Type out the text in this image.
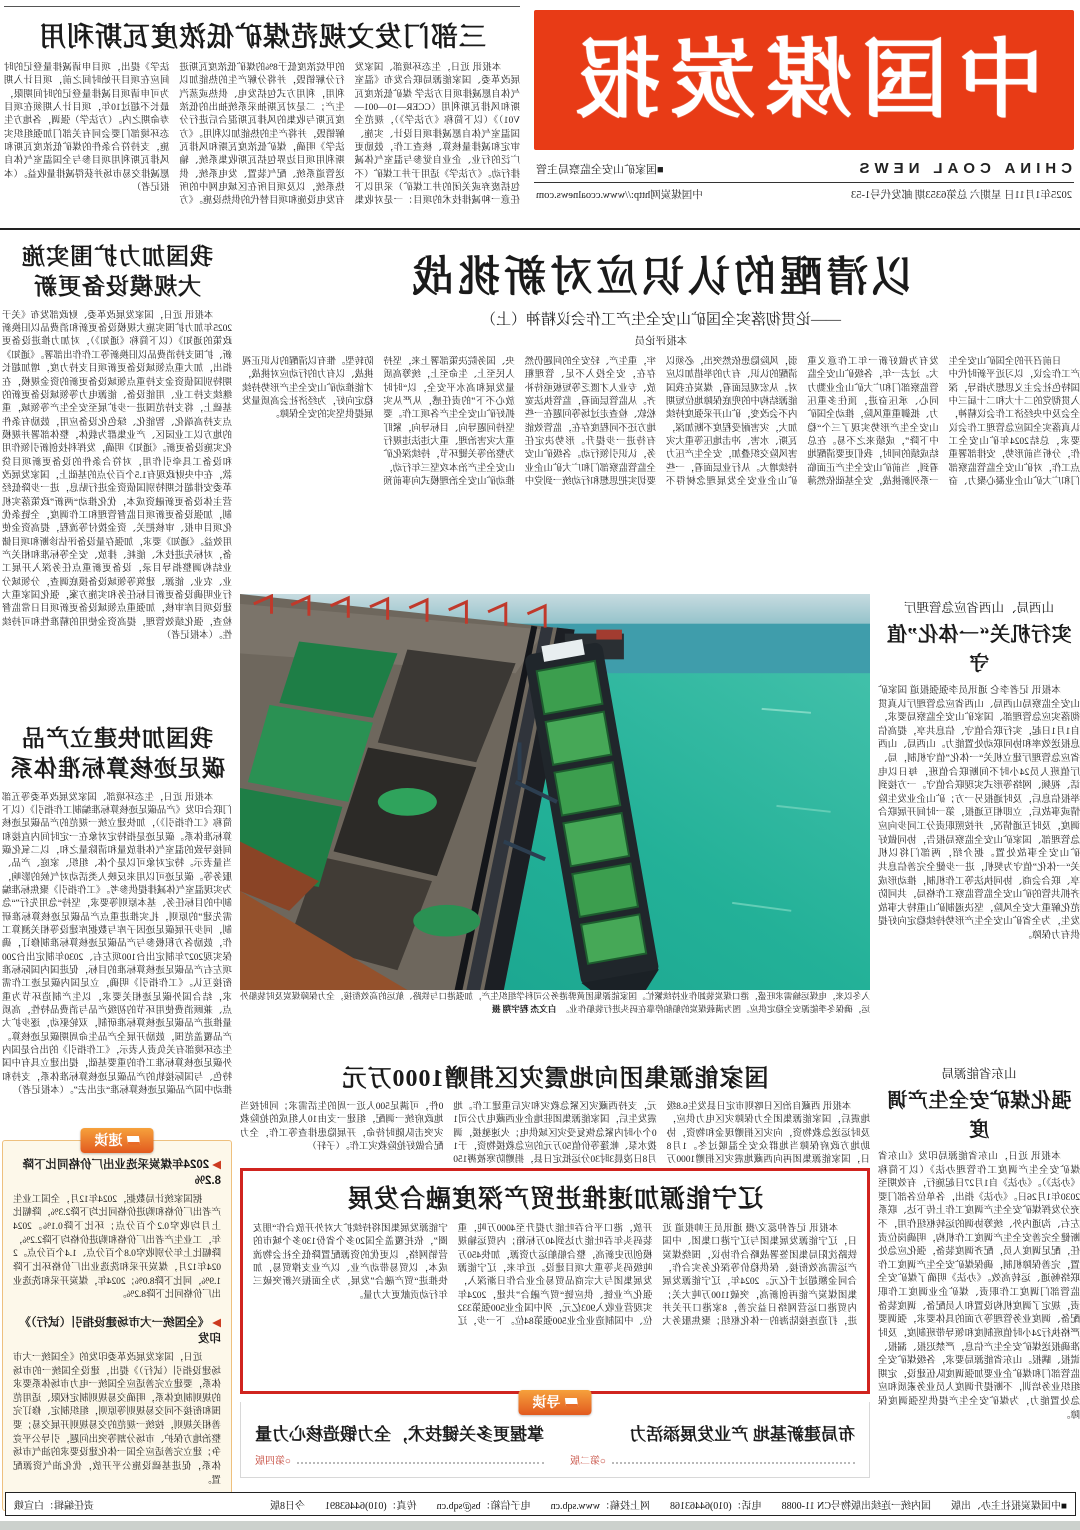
中国煤炭报
CHINA COAL NEWS
■国家矿山安全监察局主管
2025年1月11日 星期六 总第6353期 邮发代号1-53
中国煤炭网http://www.ccoalnews.com
三部门发文规范煤矿低浓度瓦斯利用

本报讯 近日，生态环境部、国家发展改革委、国家能源局联合发布《温室气体自愿减排项目方法学 煤矿低浓度瓦斯和风排瓦斯利用（CCER—10—001—V01）》（以下简称《方法学》），规范全国温室气体自愿减排项目设计、实施、审定和减排量核算、核查工作，鼓励更广泛的行业、企业自觉参与温室气体减排行动。《方法学》适用于井工煤矿（不包括废弃或关闭的井工煤矿）采用以下任意一种减排技术的项目：一是对收集的甲烷浓度低于8%的煤矿低浓度瓦斯进行分解销毁，并将分解产生的热能加以利用，利用方式包括发电、供热或蒸汽生产；二是对瓦斯抽采系统抽出的低浓度瓦斯与收集的风排瓦斯混合后进行分解销毁，并将产生的热能加以利用。《方法学》明确，煤矿低浓度瓦斯和风排瓦斯利用项目边界包括瓦斯收集系统、输送管道系统、配气装置、发电系统、供热系统，以及项目所在区域电网中的所有发电设施和项目替代的供热设施。《方法学》提出，项目申请减排量登记的时间应在项目开始时间之前，项目计入期为可申请项目减排量登记的时间期限，最长不超过10年，项目计入期须在项目寿命期之内。（方法学）强调，各地方生态环境部门要会同有关部门加强组织实施，支持符合条件的煤矿低浓度瓦斯和风排瓦斯利用项目参与全国温室气体自愿减排交易市场并获得减排量收益。（本报记者）

以清醒的认识应对新挑战
——论贯彻落实全国矿山安全生产工作会议精神（上）
本报评论员

日前召开的全国矿山安全生产工作会议，以习近平新时代中国特色社会主义思想为指导，深入贯彻党的二十大和二十届三中全会及中央经济工作会议精神，认真落实全国应急管理工作会议要求，总结2024年矿山安全工作，分析当前形势，安排部署重点工作，对矿山安全监管监察部门和广大矿山企业凝心聚力、奋发有为做好新一年工作意义重大。过去一年，各级矿山安全监管监察部门和广大矿山企业勠力同心、承压奋进，顶住多重压力、抵御重重风险，推动全国矿山安全生产形势实现了三个“稳中下降”，成绩来之不易。在总结成绩的同时，我们更要清醒地看到，当前矿山安全生产正面临一系列新挑战，安全基础依然薄弱，风险隐患依然突出，必须以清醒的认识、有力的举措加以应对。从宏观层面看，煤炭在我国能源结构中的兜底保障地位短期内不会改变，矿山开采强度持续加大，灾害耐受程度不断加深，瓦斯、水害、冲击地压等重大灾害风险交织叠加，安全生产压力持续增大。从行业层面看，一些矿山企业安全发展理念树得不牢，重生产、轻安全的问题仍然存在，安全投入不足、管理粗放、专业人才匮乏等短板亟待补齐。从监管层面看，监管执法宽松软、检查走过场等问题在一些地方还不同程度存在，监管效能有待进一步提升。形势决定任务，认识引领行动。各级矿山安全监管监察部门和广大矿山企业要切实把思想和行动统一到党中央、国务院决策部署上来，坚持人民至上、生命至上，统筹高质量发展和高水平安全，以“时时放心不下”的责任感，从严从实抓好矿山安全生产各项工作。要坚持问题导向、目标导向，紧盯重大灾害治理、重大违法违规行为整治等关键环节，持续深化矿山安全生产治本攻坚三年行动，推动矿山安全治理模式向事前预防转型。惟有以清醒的认识正视挑战、以有力的行动应对挑战，才能推动矿山安全生产形势持续稳定向好，为经济社会高质量发展提供坚实的安全保障。

我国加力扩围实施
大规模设备更新

本报讯 近日，国家发展改革委、财政部发布《关于2025年加力扩围实施大规模设备更新和消费品以旧换新政策的通知》（以下简称《通知》），对加力推进设备更新、扩围支持消费品以旧换新等工作作出部署。《通知》指出，加大重点领域设备更新项目支持力度，增加超长期特别国债资金支持重点领域设备更新的资金规模，在继续支持工业、用能设备、能源电力等领域设备更新的基础上，将支持范围进一步扩展至安全生产等领域，重点支持高端化、智能化、绿色化设备应用，鼓励有条件的地方以工业园区、产业集群为载体，整体部署并规模化实施设备更新。《通知》明确，发挥科技创新引领作用和设备工具牵引作用，对符合条件的设备更新项目贷款，在中央财政现有1.5个百分点的基础上，国家发展改革委安排超长期特别国债资金进行贴息，进一步降低经营主体设备更新融资成本，优化推动“两新”政策落实机制，加强设备更新项目监督管理和工作调度，全链条优化项目申报、审核把关、资金拨付等流程，提高资金使用效益。《通知》要求，加强存量设备评估诊断和项目储备，对标先进技术、能耗、排放、安全等标准和相关产业结构调整指导目录，设备更新重点任务深入开展工业、农业、能源、建筑等领域设备摸底调查，分领域分行业明确设备更新目标任务和实施方案，强化国家重大建设项目库审核，加强重点领域设备更新项目日常监督检查，强化绩效管理，提高资金使用的精准性和可持续性。（本报记者）

我国加快建立产品
碳足迹核算标准体系

本报讯 近日，生态环境部、国家发展改革委等五部门联合印发《产品碳足迹核算标准编制工作指引》（以下简称《工作指引》），加快建立统一规范的产品碳足迹核算标准体系。碳足迹是指特定对象在一定时间内直接和间接导致的温室气体排放量和清除量之和，以二氧化碳当量表示。特定对象可以是个体、组织、家庭、产品、服务等。碳足迹可以用来反映人类活动对气候的影响，为实现温室气体减排提供参考。《工作指引》聚焦标准编制中的目标任务、基本原则等要求，坚持“急用先行”“急需先建”的原则，扎实推进重点产品碳足迹核算标准研制，同步开展碳足迹因子库与数据库建设等相关测算工作，鼓励各方积极参与产品碳足迹核算标准制修订，确保实现2027年制定出台100项左右、2030年制定出台200项左右产品碳足迹核算标准的目标，促进国内国际标准衔接互认。《工作指引》明确，立足国内碳足迹工作需求，结合国外碳足迹相关要求，以生产制造环节为重点、兼顾消费使用环节的初级产品与消费品特性，高质量推进产品碳足迹核算标准研制，双轮驱动，逐步扩大产品覆盖范围，鼓励开展全产品生命周期碳足迹核算。生态环境部有关负责人表示，《工作指引》的出台是国内外碳足迹核算标准工作的重要基础，提出建立具有中国特色、与国际接轨的产品碳足迹核算标准体系，支持和推动中国产品碳足迹核算标准“走出去”。（本报记者）

速读
▶2024年煤炭采选业出厂价格同比下降8.2%

据国家统计局数据，2024年12月，全国工业生产者出厂价格和购进价格同比均下降2.3%，降幅比上月均收窄0.2个百分点；环比下降0.1%。2024年，工业生产者出厂价格和购进价格均下降2.2%，降幅比上年分别收窄0.8个百分点、1.4个百分点。2024年12月，煤炭开采和洗选业出厂价格环比下降1.9%，同比下降8.0%；2024年，煤炭开采和洗选业出厂价格同比下降8.2%。

▶《全国统一大市场建设指引（试行）》印发

近日，国家发展改革委印发的《全国统一大市场建设指引（试行）》提出，建设全国统一的市场体系，要建立完善适应全国统一电力市场体系要求的规则制度体系，明确交易规则制定权限、适用范围和衔接不同交易规则等原则，组织制定、修订完善相关规则，按统一规范的交易规则开展交易；要整治地方保护、市场分割等突出问题，引导公平竞争；建立完善适应全国一体化建设要求的油气市场体系，促进基础设施公平开放，优化油气资源配置。

山西局、山西省应急管理厅
实行机关“一体化”值守

本报讯 记者李仑 通讯员李强强报道 国家矿山安全监察局山西局、山西省应急管理厅认真贯彻落实应急管理部、国家矿山安全监察局要求，自1月1日起，实行联合值守、信息共享，提高信息报送效率和协同联动处置能力。山西局、山西省应急管理厅建立机关“一体化”值守机制，局、厅值班人员24小时不间断联合值班，每日以电话、视频、网络等形式实现联合值守。一方接到举报信息后，及时通报另一方；矿山企业发生险情或事故后，立即相互通报，第一时间开展联合调度，及时互通情况，并按照职责分工同步向应急管理部、国家矿山安全监察局报告，协同做好矿山安全事故处置。据介绍，两部门将以机关“一体化”值守为契机，进一步健全完善信息共享、联合会商、协同执法等工作机制，推动形成齐抓共管的矿山安全监管监察工作格局，共同防范化解重大安全风险，坚决遏制矿山重特大事故发生，为全省矿山安全生产形势持续稳定向好提供有力保障。

山东省能源局
强化煤矿安全生产调度

本报讯 近日，山东省能源局印发《山东省煤矿安全生产调度工作管理办法》（以下简称《办法》）。《办法》自1月27日起施行，有效期至2030年1月26日。《办法》指出，各单位各部门要充分发挥煤矿安全生产调度工作上传下达、联系左右、沟通内外、统筹协调的运转枢纽作用，不断健全完善安全生产调度工作机构，明确岗位责任，配足调度人员，配齐调度装备，强化应急处置，完善保障机制，确保煤矿安全生产调度工作联络畅通、运转高效。《办法》明确了煤矿安全监管部门调度工作职责、煤矿企业调度工作职责，规定了调度机构设置和人员配备、调度装备配备、调度业务管理等方面的具体要求，强调要严格执行24小时值班制度和领导带班制度，及时准确报送煤矿安全生产信息，严禁迟报、漏报、谎报、瞒报。山东省能源局要求，各级煤矿安全监管部门和煤矿企业要加强调度队伍建设，定期组织业务培训，不断提升调度人员业务素质和应急处置能力，为煤矿安全生产提供坚强调度保障。

入冬以来，电煤运输需求旺盛，港口煤炭装卸作业持续繁忙。国家能源集团黄骅港务公司科学组织生产，加强港口与铁路、航运的高效衔接，全力保障煤炭及时装船外运，确保冬季能源安全稳定供应。图为满载煤炭的船舶停靠在码头进行装船作业。　白文杰 程宇翔 摄

国家能源集团向地震灾区捐赠1000万元

本报讯 西藏自治区日喀则市定日县发生6.8级地震后，国家能源集团全力保障灾区电力供应，及时运送急救物资，向灾区捐赠现金和物资，协助地方政府保障当地群众安全温暖过冬。1月8日，国家能源集团再向西藏地震灾区捐赠1000万元，支持西藏灾区紧急救灾和灾后重建工作。地震发生后，国家能源集团驻地企业西藏电力公司10个小时内紧急恢复受灾区域供电；火速驰援，调拨水泵、帐篷等价值50万元的应急救援物资，于1月8日凌晨3时30分运抵定日县，捐赠防寒被褥1500件，可满足500人近一周的生活需求；同时按当地政府统一调配，组建一支由10人组成的抢险救灾突击队随时待命，开展隐患排查等工作，全力配合做好抢险救灾工作。（子轩）

辽宁能源加速推进贸产深度融合发展

本报讯 记者仲蕊文/摄 通讯员王帅报道 近日，辽宁能源发展集团与辽宁港口集团、中国铁路沈阳局集团签署战略合作协议，围绕煤炭产运需高效衔接、保供稳价等深化务实合作，合同金额超过千亿元。2024年，辽宁能源发展集团煤炭产能再创新高，突破1100万吨大关；内贸港口运营网络日益完善，8家港口开关并进，打造连接陆海的一体化枢纽；聚焦服务大开放，港口平台吞吐能力提升至4000万吨，重装码头年吞吐能力达到40万标箱；内贸运输规模创历史新高，整合船舶运力资源，加快450万吨级码头等重大项目建设。近年来，辽宁能源发展集团与大宗商品贸易企业合作日渐深入，强化产业链、供应链“贸产融合”共建，2024年实现营业收入903亿元，列中国企业500强第332位、中国制造业企业500强第84位。下一步，辽宁能源发展集团将持续扩大对外开放合作“朋友圈”，依托覆盖全国20多个省份130多个城市的营销网络，以更优的资源配置降低全社会物流成本，以贸易带动产业、以产业支撑贸易，加快推进“贸产融合”发展，为全面振兴新突破三年行动贡献更大力量。

导读
布局建新基地 产业发展添活力
○第二版
掌握更多关键技术，全力锻造核心力量
○第四版
■中国煤炭报社主办、出版　　国内统一连续出版物号CN 11-0088　　电话：(010)64463168　　网上投稿：www.sqb.cn　　电子信箱：bs@sqb.cn　　传真：(010)64463891　　今日8版
责任编辑：白宣娥
